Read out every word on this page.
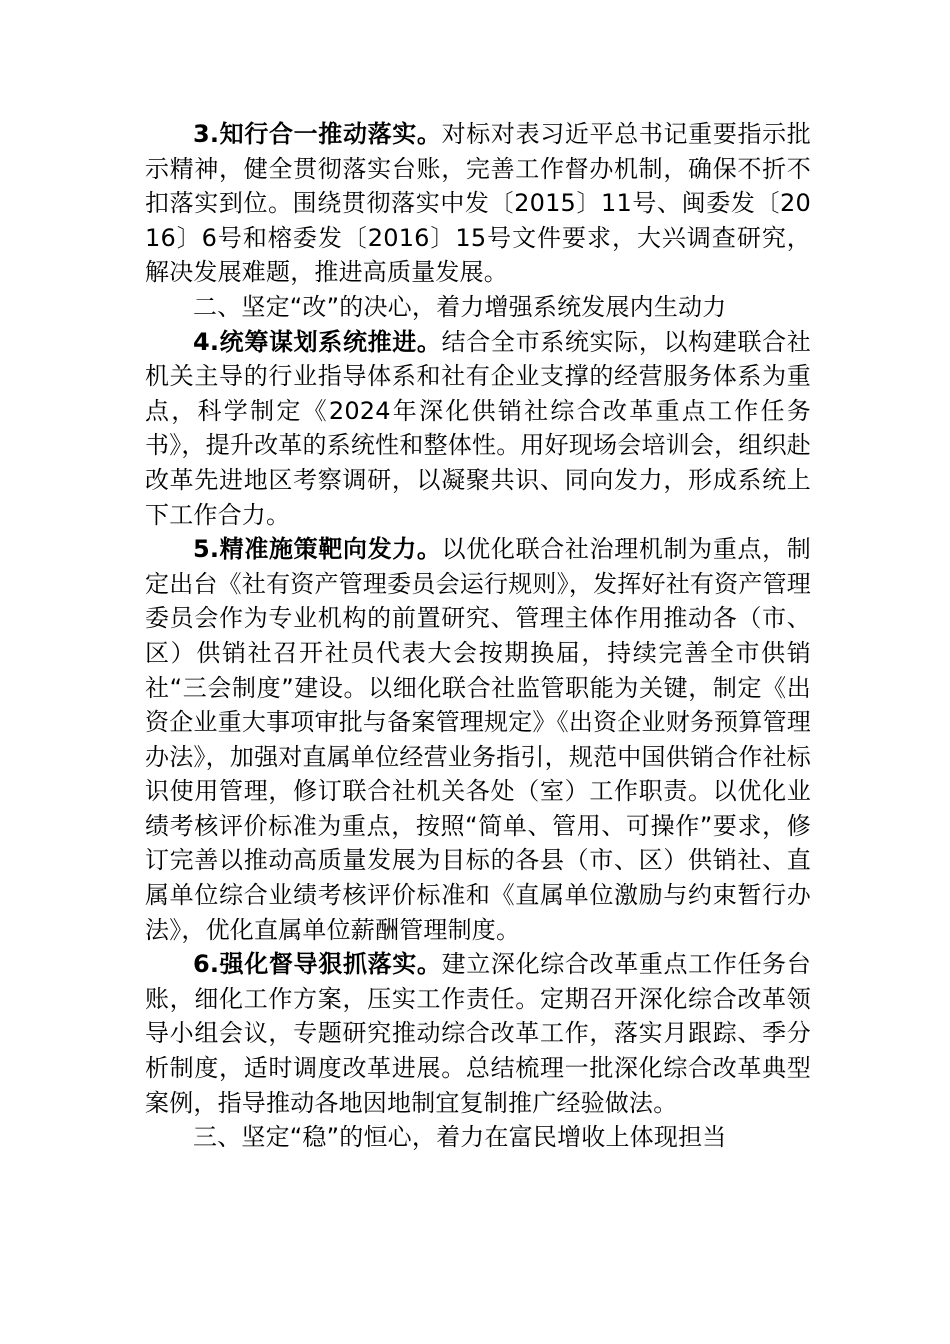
3.知行合一推动落实。对标对表习近平总书记重要指示批示精神，健全贯彻落实台账，完善工作督办机制，确保不折不扣落实到位。围绕贯彻落实中发〔2015〕11号、闽委发〔2016〕6号和榕委发〔2016〕15号文件要求，大兴调查研究，解决发展难题，推进高质量发展。

二、坚定“改”的决心，着力增强系统发展内生动力

4.统筹谋划系统推进。结合全市系统实际，以构建联合社机关主导的行业指导体系和社有企业支撑的经营服务体系为重点，科学制定《2024年深化供销社综合改革重点工作任务书》，提升改革的系统性和整体性。用好现场会培训会，组织赴改革先进地区考察调研，以凝聚共识、同向发力，形成系统上下工作合力。

5.精准施策靶向发力。以优化联合社治理机制为重点，制定出台《社有资产管理委员会运行规则》，发挥好社有资产管理委员会作为专业机构的前置研究、管理主体作用推动各（市、区）供销社召开社员代表大会按期换届，持续完善全市供销社“三会制度”建设。以细化联合社监管职能为关键，制定《出资企业重大事项审批与备案管理规定》《出资企业财务预算管理办法》，加强对直属单位经营业务指引，规范中国供销合作社标识使用管理，修订联合社机关各处（室）工作职责。以优化业绩考核评价标准为重点，按照“简单、管用、可操作”要求，修订完善以推动高质量发展为目标的各县（市、区）供销社、直属单位综合业绩考核评价标准和《直属单位激励与约束暂行办法》，优化直属单位薪酬管理制度。

6.强化督导狠抓落实。建立深化综合改革重点工作任务台账，细化工作方案，压实工作责任。定期召开深化综合改革领导小组会议，专题研究推动综合改革工作，落实月跟踪、季分析制度，适时调度改革进展。总结梳理一批深化综合改革典型案例，指导推动各地因地制宜复制推广经验做法。

三、坚定“稳”的恒心，着力在富民增收上体现担当
